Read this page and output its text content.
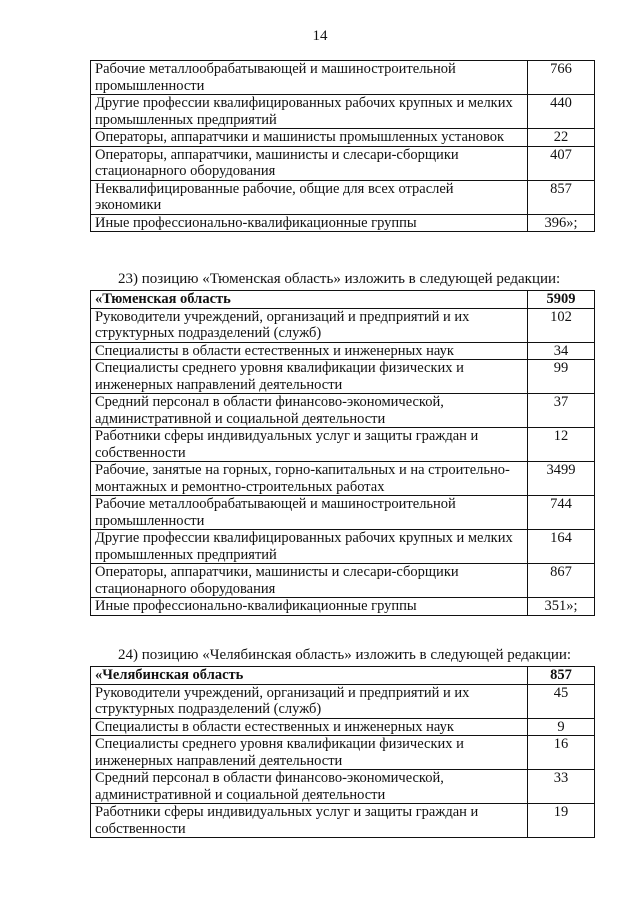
14
Рабочие металлообрабатывающей и машиностроительной промышленности	766
Другие профессии квалифицированных рабочих крупных и мелких промышленных предприятий	440
Операторы, аппаратчики и машинисты промышленных установок	22
Операторы, аппаратчики, машинисты и слесари-сборщики стационарного оборудования	407
Неквалифицированные рабочие, общие для всех отраслей экономики	857
Иные профессионально-квалификационные группы	396»;
23) позицию «Тюменская область» изложить в следующей редакции:
«Тюменская область	5909
Руководители учреждений, организаций и предприятий и их структурных подразделений (служб)	102
Специалисты в области естественных и инженерных наук	34
Специалисты среднего уровня квалификации физических и инженерных направлений деятельности	99
Средний персонал в области финансово-экономической, административной и социальной деятельности	37
Работники сферы индивидуальных услуг и защиты граждан и собственности	12
Рабочие, занятые на горных, горно-капитальных и на строительно-монтажных и ремонтно-строительных работах	3499
Рабочие металлообрабатывающей и машиностроительной промышленности	744
Другие профессии квалифицированных рабочих крупных и мелких промышленных предприятий	164
Операторы, аппаратчики, машинисты и слесари-сборщики стационарного оборудования	867
Иные профессионально-квалификационные группы	351»;
24) позицию «Челябинская область» изложить в следующей редакции:
«Челябинская область	857
Руководители учреждений, организаций и предприятий и их структурных подразделений (служб)	45
Специалисты в области естественных и инженерных наук	9
Специалисты среднего уровня квалификации физических и инженерных направлений деятельности	16
Средний персонал в области финансово-экономической, административной и социальной деятельности	33
Работники сферы индивидуальных услуг и защиты граждан и собственности	19
